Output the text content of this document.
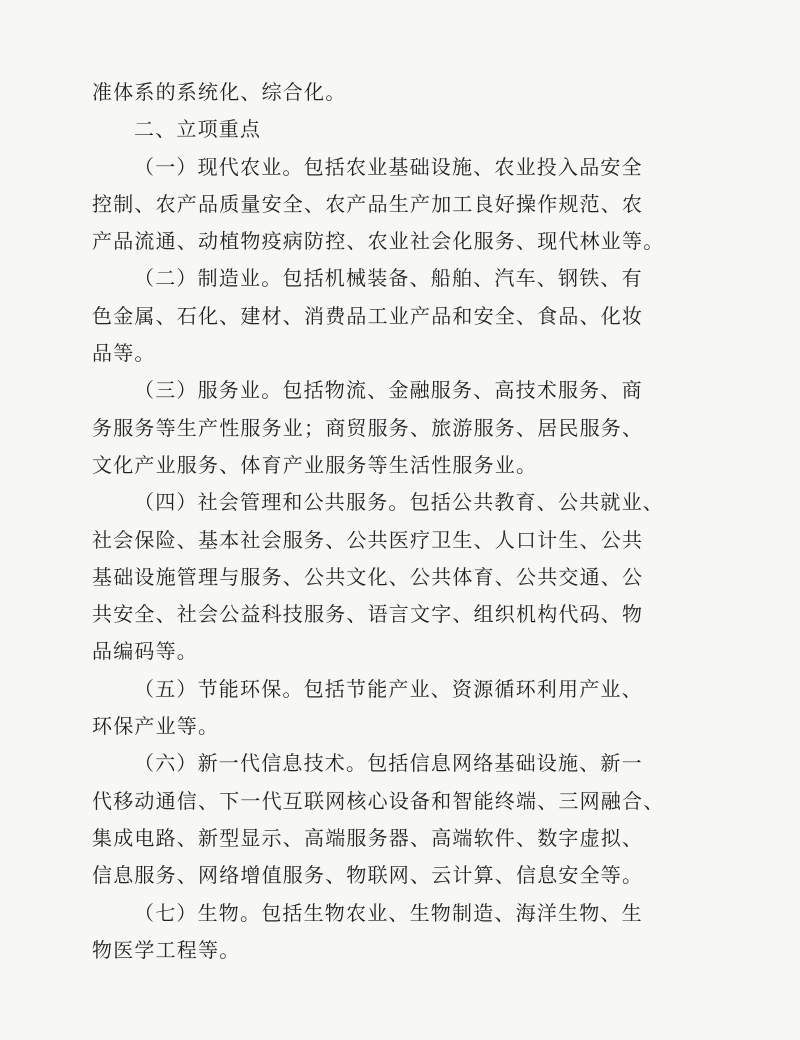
准体系的系统化、综合化。
二、立项重点
（一）现代农业。包括农业基础设施、农业投入品安全
控制、农产品质量安全、农产品生产加工良好操作规范、农
产品流通、动植物疫病防控、农业社会化服务、现代林业等。
（二）制造业。包括机械装备、船舶、汽车、钢铁、有
色金属、石化、建材、消费品工业产品和安全、食品、化妆
品等。
（三）服务业。包括物流、金融服务、高技术服务、商
务服务等生产性服务业；商贸服务、旅游服务、居民服务、
文化产业服务、体育产业服务等生活性服务业。
（四）社会管理和公共服务。包括公共教育、公共就业、
社会保险、基本社会服务、公共医疗卫生、人口计生、公共
基础设施管理与服务、公共文化、公共体育、公共交通、公
共安全、社会公益科技服务、语言文字、组织机构代码、物
品编码等。
（五）节能环保。包括节能产业、资源循环利用产业、
环保产业等。
（六）新一代信息技术。包括信息网络基础设施、新一
代移动通信、下一代互联网核心设备和智能终端、三网融合、
集成电路、新型显示、高端服务器、高端软件、数字虚拟、
信息服务、网络增值服务、物联网、云计算、信息安全等。
（七）生物。包括生物农业、生物制造、海洋生物、生
物医学工程等。
